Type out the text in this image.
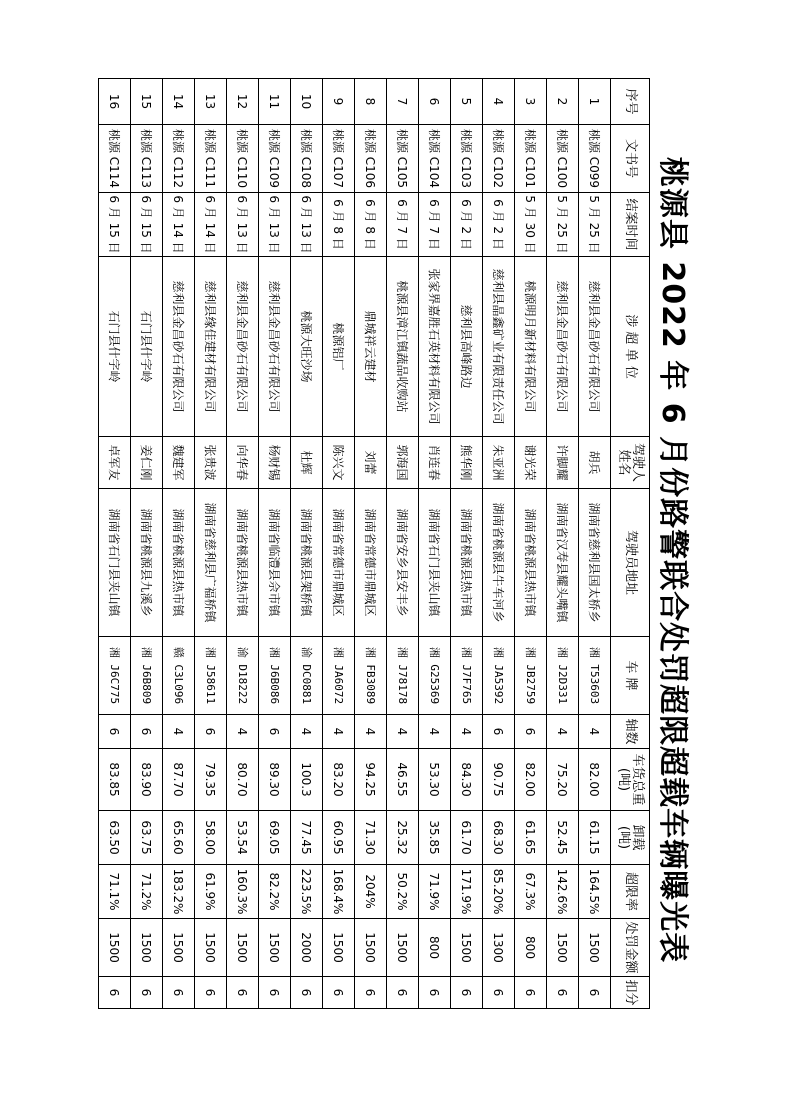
桃源县 2022 年 6 月份路警联合处罚超限超载车辆曝光表
序号	文书号	结案时间	涉 超 单 位	驾驶人姓名	驾驶员地址	车 牌	轴数	车货总重(吨)	卸载(吨)	超限率	处罚金额	扣分
1	桃源 C099	5 月 25 日	慈利县金昌砂石有限公司	胡兵	湖南省慈利县国太桥乡	湘 T53603	4	82.00	61.15	164.5%	1500	6
2	桃源 C100	5 月 25 日	慈利县金昌砂石有限公司	许脚耀	湖南省汉寿县耀头嘴镇	湘 J2D331	4	75.20	52.45	142.6%	1500	6
3	桃源 C101	5 月 30 日	桃源明月新材料有限公司	谢光荣	湖南省桃源县热市镇	湘 JB2759	6	82.00	61.65	67.3%	800	6
4	桃源 C102	6 月 2 日	慈利县晶鑫矿业有限责任公司	朱亚洲	湖南省桃源县牛车河乡	湘 JA5392	6	90.75	68.30	85.20%	1300	6
5	桃源 C103	6 月 2 日	慈利县高峰路边	熊华刚	湖南省桃源县热市镇	湘 J7F765	4	84.30	61.70	171.9%	1500	6
6	桃源 C104	6 月 7 日	张家界嘉胜石英材料有限公司	肖连春	湖南省石门县夹山镇	湘 G25369	4	53.30	35.85	71.9%	800	6
7	桃源 C105	6 月 7 日	桃源县漳江镇蔬品收购站	郭海国	湖南省安乡县安丰乡	湘 J78178	4	46.55	25.32	50.2%	1500	6
8	桃源 C106	6 月 8 日	鼎城祥云建材	刘蕾	湖南省常德市鼎城区	湘 FB3089	4	94.25	71.30	204%	1500	6
9	桃源 C107	6 月 8 日	桃源铝厂	陈兴文	湖南省常德市鼎城区	湘 JA6072	4	83.20	60.95	168.4%	1500	6
10	桃源 C108	6 月 13 日	桃源大旺沙场	杜辉	湖南省桃源县架桥镇	渝 DC0881	4	100.3	77.45	223.5%	2000	6
11	桃源 C109	6 月 13 日	慈利县金昌砂石有限公司	杨财锡	湖南省临澧县佘市镇	湘 J6B086	6	89.30	69.05	82.2%	1500	6
12	桃源 C110	6 月 13 日	慈利县金昌砂石有限公司	向华春	湖南省桃源县热市镇	渝 D18222	4	80.70	53.54	160.3%	1500	6
13	桃源 C111	6 月 14 日	慈利县缘佳建材有限公司	张贵波	湖南省慈利县广福桥镇	湘 J58611	6	79.35	58.00	61.9%	1500	6
14	桃源 C112	6 月 14 日	慈利县金昌砂石有限公司	魏建军	湖南省桃源县热市镇	赣 C3L096	4	87.70	65.60	183.2%	1500	6
15	桃源 C113	6 月 15 日	石门县什字岭	姜仁刚	湖南省桃源县九溪乡	湘 J6B809	6	83.90	63.75	71.2%	1500	6
16	桃源 C114	6 月 15 日	石门县什字岭	卓军友	湖南省石门县夹山镇	湘 J6C775	6	83.85	63.50	71.1%	1500	6
